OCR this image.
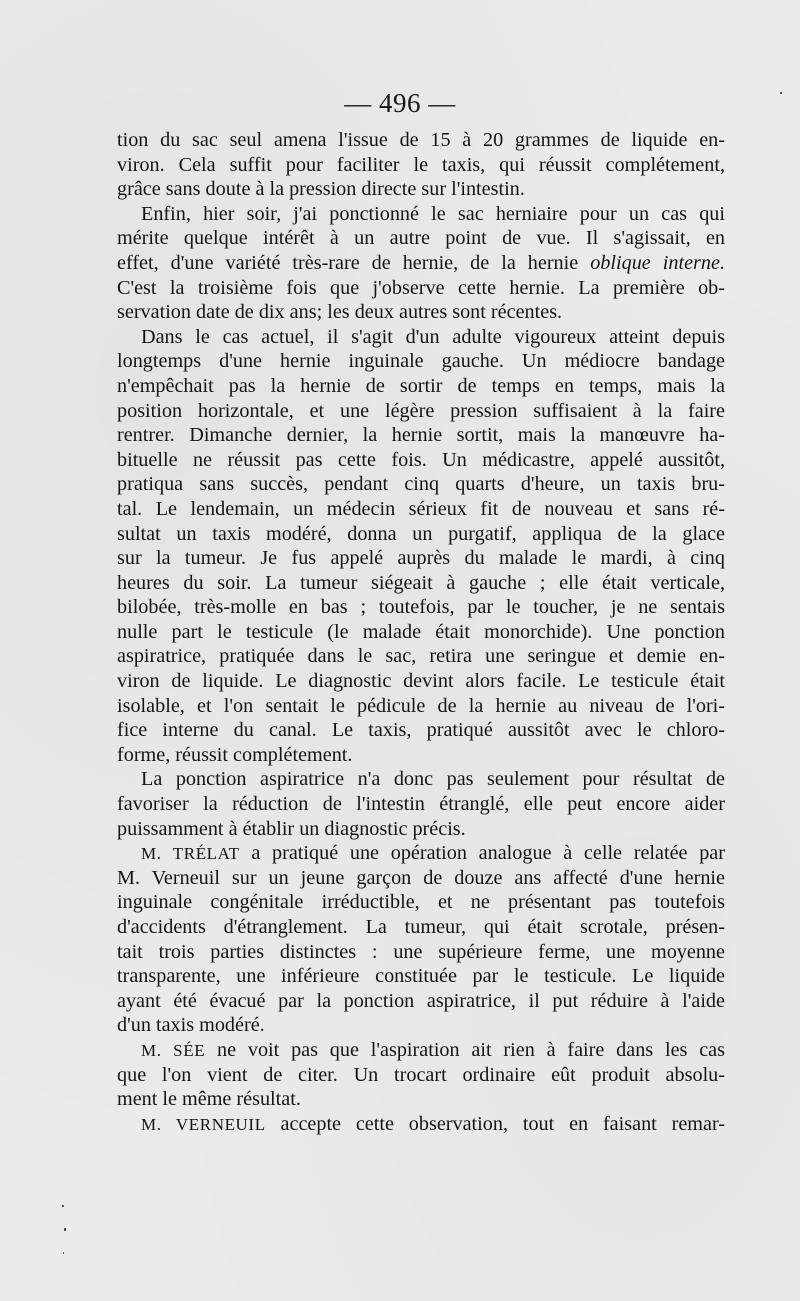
— 496 —
tion du sac seul amena l'issue de 15 à 20 grammes de liquide en-
viron. Cela suffit pour faciliter le taxis, qui réussit complétement,
grâce sans doute à la pression directe sur l'intestin.
Enfin, hier soir, j'ai ponctionné le sac herniaire pour un cas qui
mérite quelque intérêt à un autre point de vue. Il s'agissait, en
effet, d'une variété très-rare de hernie, de la hernie oblique interne.
C'est la troisième fois que j'observe cette hernie. La première ob-
servation date de dix ans; les deux autres sont récentes.
Dans le cas actuel, il s'agit d'un adulte vigoureux atteint depuis
longtemps d'une hernie inguinale gauche. Un médiocre bandage
n'empêchait pas la hernie de sortir de temps en temps, mais la
position horizontale, et une légère pression suffisaient à la faire
rentrer. Dimanche dernier, la hernie sortit, mais la manœuvre ha-
bituelle ne réussit pas cette fois. Un médicastre, appelé aussitôt,
pratiqua sans succès, pendant cinq quarts d'heure, un taxis bru-
tal. Le lendemain, un médecin sérieux fit de nouveau et sans ré-
sultat un taxis modéré, donna un purgatif, appliqua de la glace
sur la tumeur. Je fus appelé auprès du malade le mardi, à cinq
heures du soir. La tumeur siégeait à gauche ; elle était verticale,
bilobée, très-molle en bas ; toutefois, par le toucher, je ne sentais
nulle part le testicule (le malade était monorchide). Une ponction
aspiratrice, pratiquée dans le sac, retira une seringue et demie en-
viron de liquide. Le diagnostic devint alors facile. Le testicule était
isolable, et l'on sentait le pédicule de la hernie au niveau de l'ori-
fice interne du canal. Le taxis, pratiqué aussitôt avec le chloro-
forme, réussit complétement.
La ponction aspiratrice n'a donc pas seulement pour résultat de
favoriser la réduction de l'intestin étranglé, elle peut encore aider
puissamment à établir un diagnostic précis.
M. TRÉLAT a pratiqué une opération analogue à celle relatée par
M. Verneuil sur un jeune garçon de douze ans affecté d'une hernie
inguinale congénitale irréductible, et ne présentant pas toutefois
d'accidents d'étranglement. La tumeur, qui était scrotale, présen-
tait trois parties distinctes : une supérieure ferme, une moyenne
transparente, une inférieure constituée par le testicule. Le liquide
ayant été évacué par la ponction aspiratrice, il put réduire à l'aide
d'un taxis modéré.
M. SÉE ne voit pas que l'aspiration ait rien à faire dans les cas
que l'on vient de citer. Un trocart ordinaire eût produit absolu-
ment le même résultat.
M. VERNEUIL accepte cette observation, tout en faisant remar-
